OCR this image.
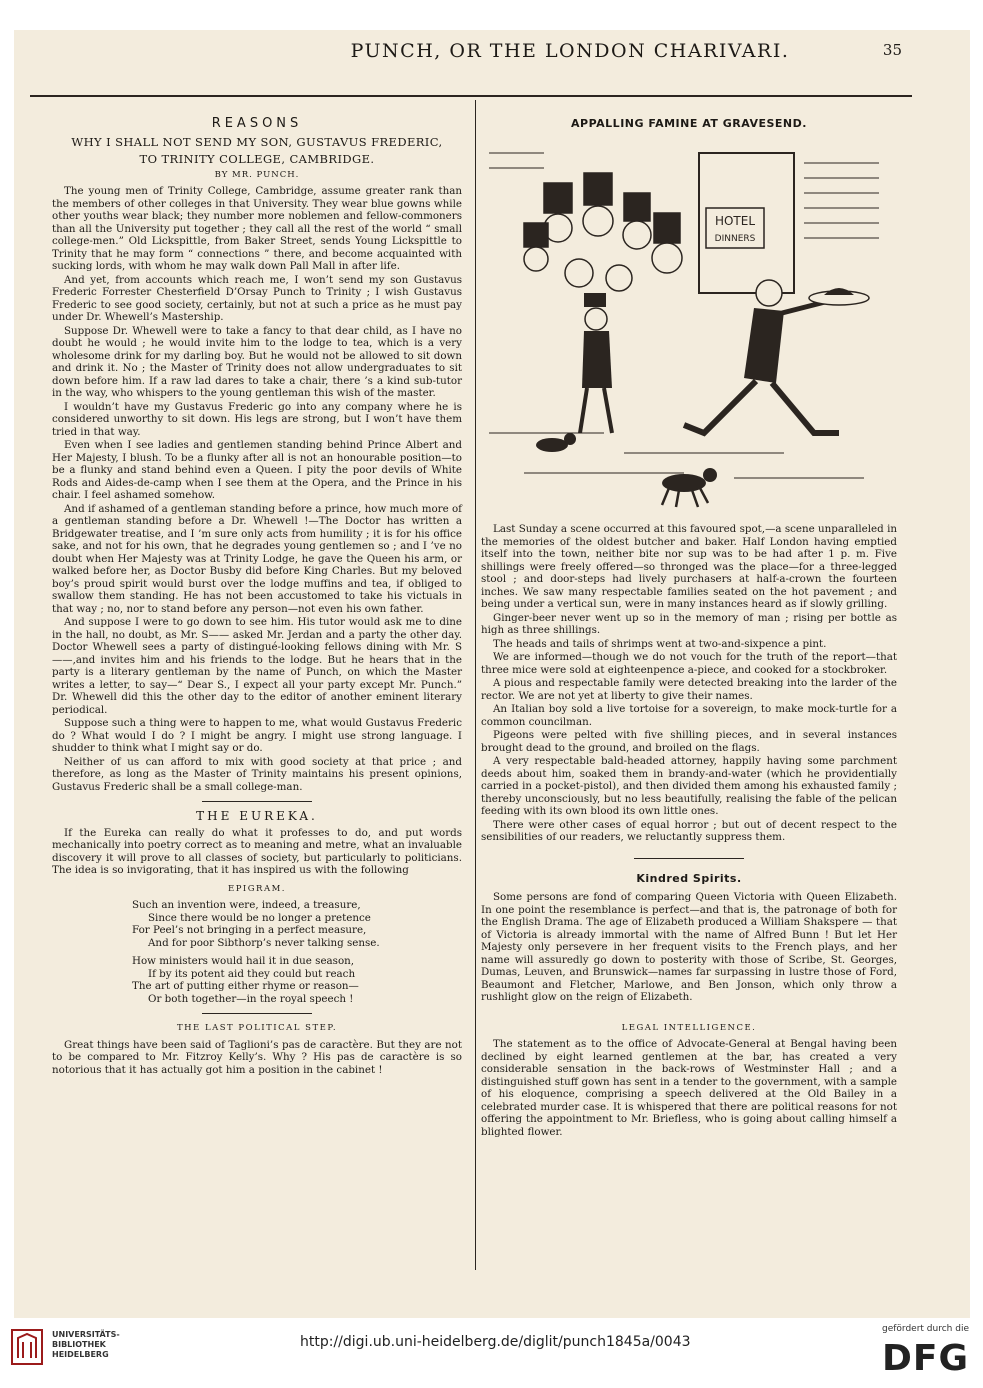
PUNCH, OR THE LONDON CHARIVARI.	35
REASONS
WHY I SHALL NOT SEND MY SON, GUSTAVUS FREDERIC,
TO TRINITY COLLEGE, CAMBRIDGE.
BY MR. PUNCH.

The young men of Trinity College, Cambridge, assume greater rank than the members of other colleges in that University. They wear blue gowns while other youths wear black; they number more noblemen and fellow-commoners than all the University put together ; they call all the rest of the world “ small college-men.” Old Lickspittle, from Baker Street, sends Young Lickspittle to Trinity that he may form “ connections ” there, and become acquainted with sucking lords, with whom he may walk down Pall Mall in after life.

And yet, from accounts which reach me, I won’t send my son Gustavus Frederic Forrester Chesterfield D’Orsay Punch to Trinity ; I wish Gustavus Frederic to see good society, certainly, but not at such a price as he must pay under Dr. Whewell’s Mastership.

Suppose Dr. Whewell were to take a fancy to that dear child, as I have no doubt he would ; he would invite him to the lodge to tea, which is a very wholesome drink for my darling boy. But he would not be allowed to sit down and drink it. No ; the Master of Trinity does not allow undergraduates to sit down before him. If a raw lad dares to take a chair, there ’s a kind sub-tutor in the way, who whispers to the young gentleman this wish of the master.

I wouldn’t have my Gustavus Frederic go into any company where he is considered unworthy to sit down. His legs are strong, but I won’t have them tried in that way.

Even when I see ladies and gentlemen standing behind Prince Albert and Her Majesty, I blush. To be a flunky after all is not an honourable position—to be a flunky and stand behind even a Queen. I pity the poor devils of White Rods and Aides-de-camp when I see them at the Opera, and the Prince in his chair. I feel ashamed somehow.

And if ashamed of a gentleman standing before a prince, how much more of a gentleman standing before a Dr. Whewell !—The Doctor has written a Bridgewater treatise, and I ’m sure only acts from humility ; it is for his office sake, and not for his own, that he degrades young gentlemen so ; and I ’ve no doubt when Her Majesty was at Trinity Lodge, he gave the Queen his arm, or walked before her, as Doctor Busby did before King Charles. But my beloved boy’s proud spirit would burst over the lodge muffins and tea, if obliged to swallow them standing. He has not been accustomed to take his victuals in that way ; no, nor to stand before any person—not even his own father.

And suppose I were to go down to see him. His tutor would ask me to dine in the hall, no doubt, as Mr. S—— asked Mr. Jerdan and a party the other day. Doctor Whewell sees a party of distingué-looking fellows dining with Mr. S——,and invites him and his friends to the lodge. But he hears that in the party is a literary gentleman by the name of Punch, on which the Master writes a letter, to say—“ Dear S., I expect all your party except Mr. Punch.” Dr. Whewell did this the other day to the editor of another eminent literary periodical.

Suppose such a thing were to happen to me, what would Gustavus Frederic do ? What would I do ? I might be angry. I might use strong language. I shudder to think what I might say or do.

Neither of us can afford to mix with good society at that price ; and therefore, as long as the Master of Trinity maintains his present opinions, Gustavus Frederic shall be a small college-man.

THE EUREKA.

If the Eureka can really do what it professes to do, and put words mechanically into poetry correct as to meaning and metre, what an invaluable discovery it will prove to all classes of society, but particularly to politicians. The idea is so invigorating, that it has inspired us with the following

EPIGRAM.
Such an invention were, indeed, a treasure,
Since there would be no longer a pretence
For Peel’s not bringing in a perfect measure,
And for poor Sibthorp’s never talking sense.
How ministers would hail it in due season,
If by its potent aid they could but reach
The art of putting either rhyme or reason—
Or both together—in the royal speech !
THE LAST POLITICAL STEP.

Great things have been said of Taglioni’s pas de caractère. But they are not to be compared to Mr. Fitzroy Kelly’s. Why ? His pas de caractère is so notorious that it has actually got him a position in the cabinet !

APPALLING FAMINE AT GRAVESEND.
HOTEL
DINNERS

Last Sunday a scene occurred at this favoured spot,—a scene unparalleled in the memories of the oldest butcher and baker. Half London having emptied itself into the town, neither bite nor sup was to be had after 1 p. m. Five shillings were freely offered—so thronged was the place—for a three-legged stool ; and door-steps had lively purchasers at half-a-crown the fourteen inches. We saw many respectable families seated on the hot pavement ; and being under a vertical sun, were in many instances heard as if slowly grilling.

Ginger-beer never went up so in the memory of man ; rising per bottle as high as three shillings.

The heads and tails of shrimps went at two-and-sixpence a pint.

We are informed—though we do not vouch for the truth of the report—that three mice were sold at eighteenpence a-piece, and cooked for a stockbroker.

A pious and respectable family were detected breaking into the larder of the rector. We are not yet at liberty to give their names.

An Italian boy sold a live tortoise for a sovereign, to make mock-turtle for a common councilman.

Pigeons were pelted with five shilling pieces, and in several instances brought dead to the ground, and broiled on the flags.

A very respectable bald-headed attorney, happily having some parchment deeds about him, soaked them in brandy-and-water (which he providentially carried in a pocket-pistol), and then divided them among his exhausted family ; thereby unconsciously, but no less beautifully, realising the fable of the pelican feeding with its own blood its own little ones.

There were other cases of equal horror ; but out of decent respect to the sensibilities of our readers, we reluctantly suppress them.

Kindred Spirits.

Some persons are fond of comparing Queen Victoria with Queen Elizabeth. In one point the resemblance is perfect—and that is, the patronage of both for the English Drama. The age of Elizabeth produced a William Shakspere — that of Victoria is already immortal with the name of Alfred Bunn ! But let Her Majesty only persevere in her frequent visits to the French plays, and her name will assuredly go down to posterity with those of Scribe, St. Georges, Dumas, Leuven, and Brunswick—names far surpassing in lustre those of Ford, Beaumont and Fletcher, Marlowe, and Ben Jonson, which only throw a rushlight glow on the reign of Elizabeth.

LEGAL INTELLIGENCE.

The statement as to the office of Advocate-General at Bengal having been declined by eight learned gentlemen at the bar, has created a very considerable sensation in the back-rows of Westminster Hall ; and a distinguished stuff gown has sent in a tender to the government, with a sample of his eloquence, comprising a speech delivered at the Old Bailey in a celebrated murder case. It is whispered that there are political reasons for not offering the appointment to Mr. Briefless, who is going about calling himself a blighted flower.

UNIVERSITÄTS-
BIBLIOTHEK
HEIDELBERG
http://digi.ub.uni-heidelberg.de/diglit/punch1845a/0043
gefördert durch die
DFG
